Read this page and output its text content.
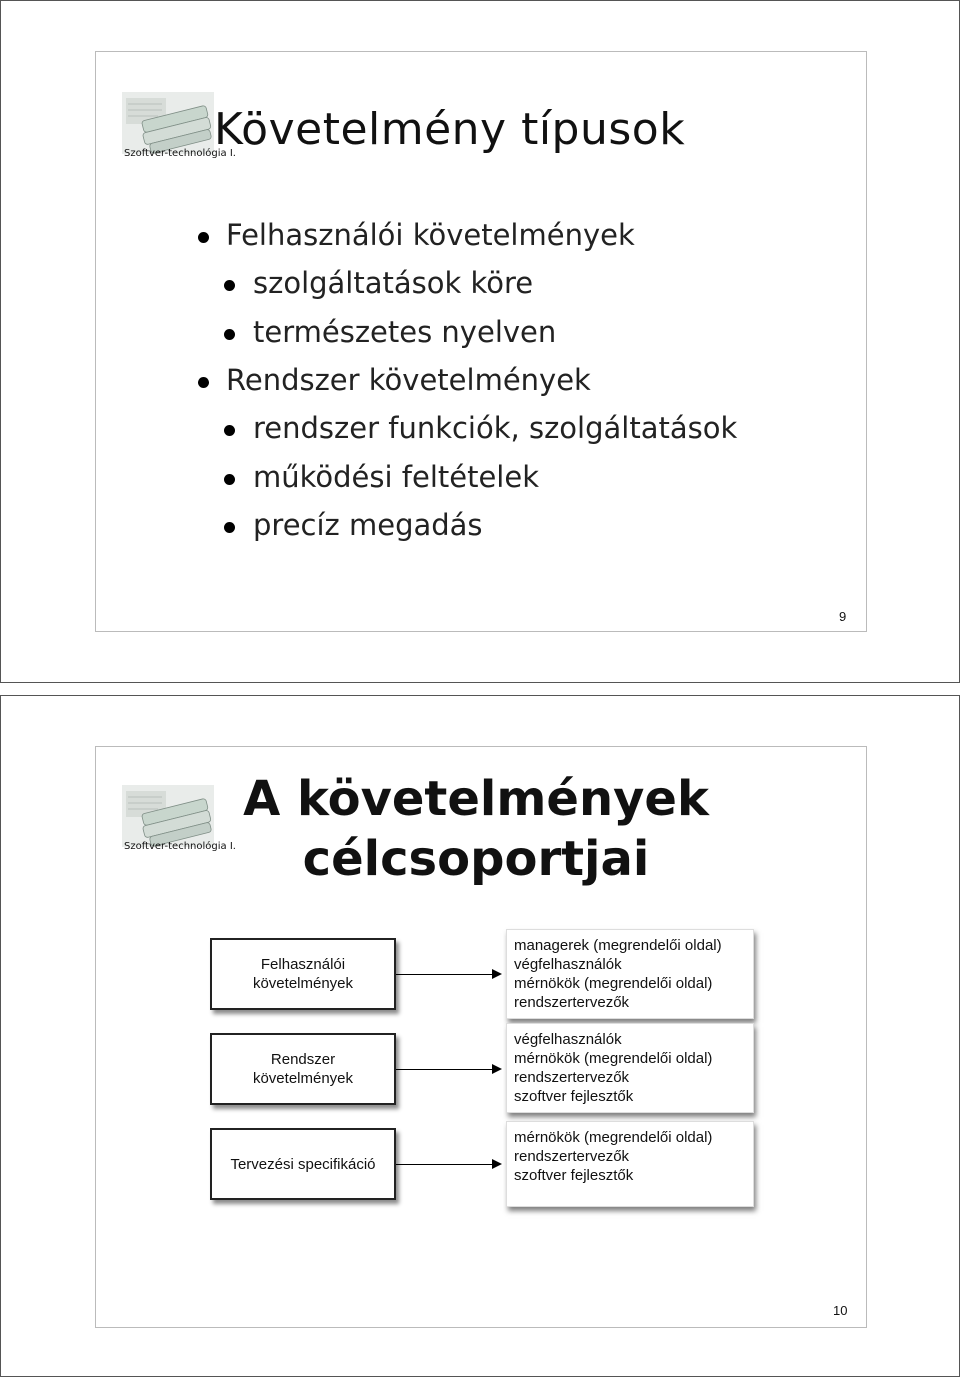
Szoftver-technológia I.
Követelmény típusok
Felhasználói követelmények
szolgáltatások köre
természetes nyelven
Rendszer követelmények
rendszer funkciók, szolgáltatások
működési feltételek
precíz megadás
9
Szoftver-technológia I.
A követelmények
célcsoportjai
Felhasználói
követelmények
managerek (megrendelői oldal)
végfelhasználók
mérnökök (megrendelői oldal)
rendszertervezők
Rendszer
követelmények
végfelhasználók
mérnökök (megrendelői oldal)
rendszertervezők
szoftver fejlesztők
Tervezési specifikáció
mérnökök (megrendelői oldal)
rendszertervezők
szoftver fejlesztők
10
